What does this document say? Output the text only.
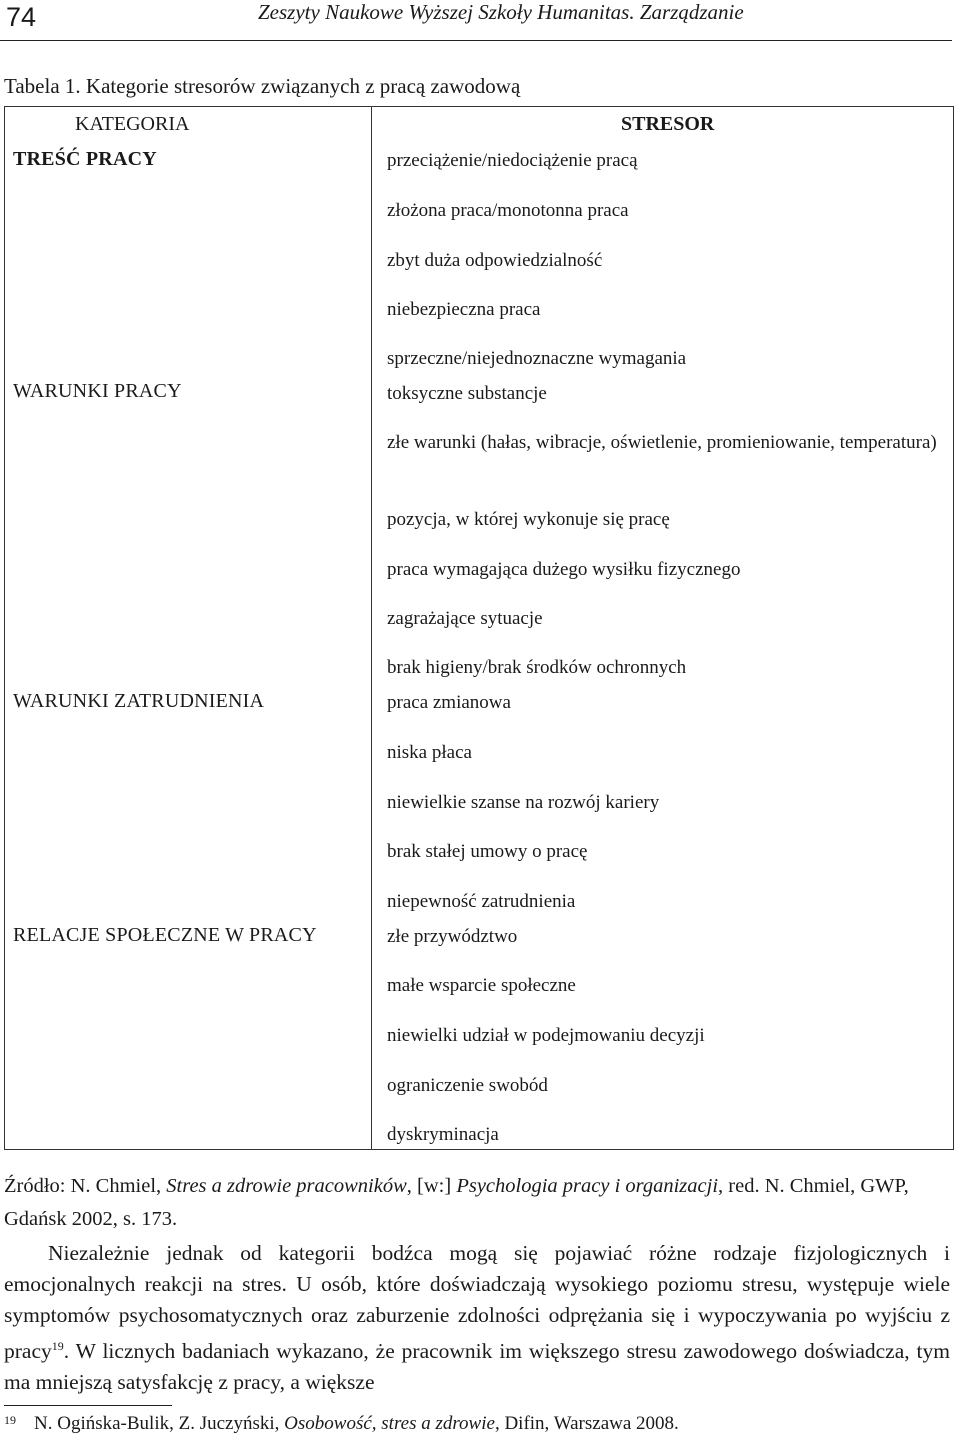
74	Zeszyty Naukowe Wyższej Szkoły Humanitas. Zarządzanie
Tabela 1. Kategorie stresorów związanych z pracą zawodową
KATEGORIA	STRESOR
TREŚĆ PRACY	przeciążenie/niedociążenie pracą
złożona praca/monotonna praca
zbyt duża odpowiedzialność
niebezpieczna praca
sprzeczne/niejednoznaczne wymagania
WARUNKI PRACY	toksyczne substancje
złe warunki (hałas, wibracje, oświetlenie, promieniowanie, temperatura)
pozycja, w której wykonuje się pracę
praca wymagająca dużego wysiłku fizycznego
zagrażające sytuacje
brak higieny/brak środków ochronnych
WARUNKI ZATRUDNIENIA	praca zmianowa
niska płaca
niewielkie szanse na rozwój kariery
brak stałej umowy o pracę
niepewność zatrudnienia
RELACJE SPOŁECZNE W PRACY	złe przywództwo
małe wsparcie społeczne
niewielki udział w podejmowaniu decyzji
ograniczenie swobód
dyskryminacja
Źródło: N. Chmiel, Stres a zdrowie pracowników, [w:] Psychologia pracy i organizacji, red. N. Chmiel, GWP, Gdańsk 2002, s. 173.
Niezależnie jednak od kategorii bodźca mogą się pojawiać różne rodzaje fizjologicznych i emocjonalnych reakcji na stres. U osób, które doświadczają wysokiego poziomu stresu, występuje wiele symptomów psychosomatycznych oraz zaburzenie zdolności odprężania się i wypoczywania po wyjściu z pracy$^{19}$. W licznych badaniach wykazano, że pracownik im większego stresu zawodowego doświadcza, tym ma mniejszą satysfakcję z pracy, a większe
$^{19}$ N. Ogińska-Bulik, Z. Juczyński, Osobowość, stres a zdrowie, Difin, Warszawa 2008.
